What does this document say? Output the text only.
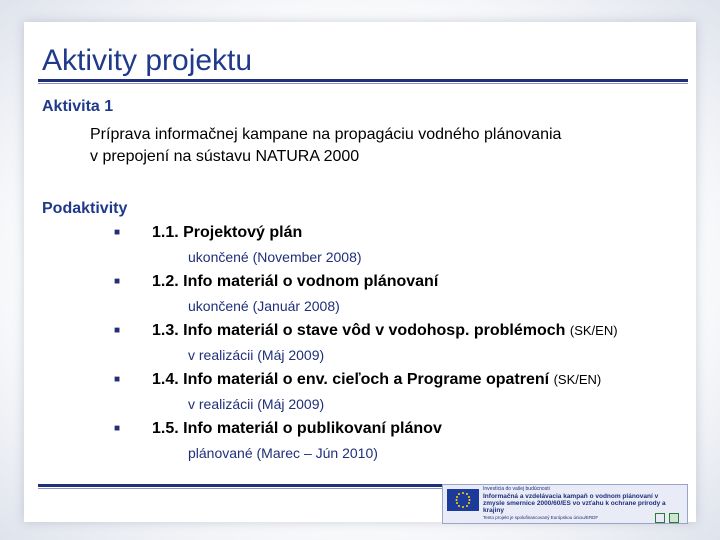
Aktivity projektu
Aktivita 1
Príprava informačnej kampane na propagáciu vodného plánovania
v prepojení na sústavu NATURA 2000
Podaktivity
■ 1.1. Projektový plán
ukončené (November 2008)
■ 1.2. Info materiál o vodnom plánovaní
ukončené (Január 2008)
■ 1.3. Info materiál o stave vôd v vodohosp. problémoch (SK/EN)
v realizácii (Máj 2009)
■ 1.4. Info materiál o env. cieľoch a Programe opatrení (SK/EN)
v realizácii (Máj 2009)
■ 1.5. Info materiál o publikovaní plánov
plánované (Marec – Jún 2010)
Investícia do vašej budúcnosti
Informačná a vzdelávacia kampaň o vodnom plánovaní v zmysle smernice 2000/60/ES vo vzťahu k ochrane prírody a krajiny
Tento projekt je spolufinancovaný Európskou úniou/ERDF
